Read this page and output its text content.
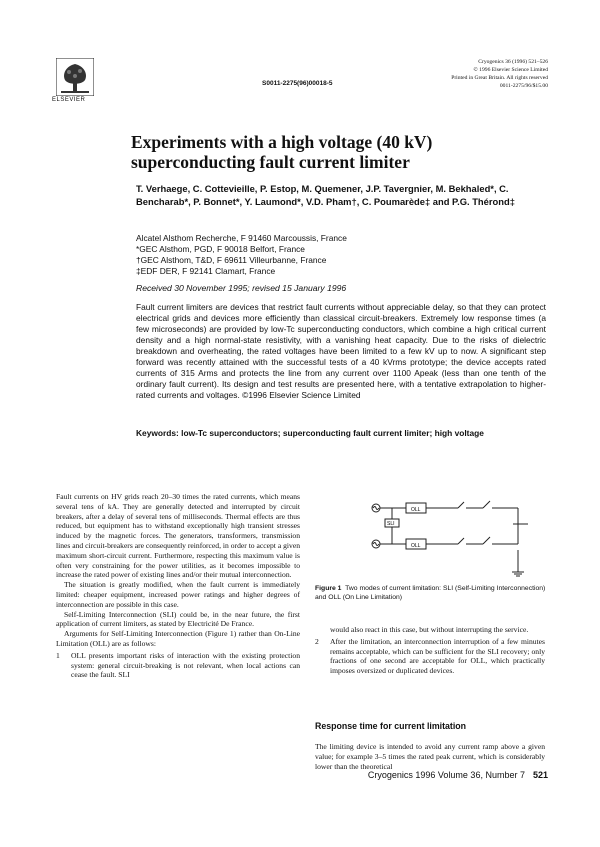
ELSEVIER
S0011-2275(96)00018-5
Cryogenics 36 (1996) 521–526
© 1996 Elsevier Science Limited
Printed in Great Britain. All rights reserved
0011-2275/96/$15.00
Experiments with a high voltage (40 kV) superconducting fault current limiter
T. Verhaege, C. Cottevieille, P. Estop, M. Quemener, J.P. Tavergnier, M. Bekhaled*, C. Bencharab*, P. Bonnet*, Y. Laumond*, V.D. Pham†, C. Poumarède‡ and P.G. Thérond‡
Alcatel Alsthom Recherche, F 91460 Marcoussis, France
*GEC Alsthom, PGD, F 90018 Belfort, France
†GEC Alsthom, T&D, F 69611 Villeurbanne, France
‡EDF DER, F 92141 Clamart, France
Received 30 November 1995; revised 15 January 1996

Fault current limiters are devices that restrict fault currents without appreciable delay, so that they can protect electrical grids and devices more efficiently than classical circuit-breakers. Extremely low response times (a few microseconds) are provided by low-Tc superconducting conductors, which combine a high critical current density and a high normal-state resistivity, with a vanishing heat capacity. Due to the risks of dielectric breakdown and overheating, the rated voltages have been limited to a few kV up to now. A significant step forward was recently attained with the successful tests of a 40 kVrms prototype; the device accepts rated currents of 315 Arms and protects the line from any current over 1100 Apeak (less than one tenth of the ordinary fault current). Its design and test results are presented here, with a tentative extrapolation to higher-rated currents and voltages. ©1996 Elsevier Science Limited

Keywords: low-Tc superconductors; superconducting fault current limiter; high voltage

Fault currents on HV grids reach 20–30 times the rated currents, which means several tens of kA. They are generally detected and interrupted by circuit breakers, after a delay of several tens of milliseconds. Thermal effects are thus reduced, but equipment has to withstand exceptionally high transient stresses induced by the magnetic forces. The generators, transformers, transmission lines and circuit-breakers are consequently reinforced, in order to accept a given maximum short-circuit current. Furthermore, respecting this maximum value is often very constraining for the power utilities, as it becomes impossible to increase the rated power of existing lines and/or their mutual interconnection.

The situation is greatly modified, when the fault current is immediately limited: cheaper equipment, increased power ratings and higher degrees of interconnection are possible in this case.

Self-Limiting Interconnection (SLI) could be, in the near future, the first application of current limiters, as stated by Electricité De France.

Arguments for Self-Limiting Interconnection (Figure 1) rather than On-Line Limitation (OLL) are as follows:

1	OLL presents important risks of interaction with the existing protection system: general circuit-breaking is not relevant, when local actions can cease the fault. SLI
OLL
SLI
OLL

Figure 1 Two modes of current limitation: SLI (Self-Limiting Interconnection) and OLL (On Line Limitation)

would also react in this case, but without interrupting the service.

2	After the limitation, an interconnection interruption of a few minutes remains acceptable, which can be sufficient for the SLI recovery; only fractions of one second are acceptable for OLL, which practically imposes oversized or duplicated devices.
Response time for current limitation

The limiting device is intended to avoid any current ramp above a given value; for example 3–5 times the rated peak current, which is considerably lower than the theoretical

Cryogenics 1996 Volume 36, Number 7 521
